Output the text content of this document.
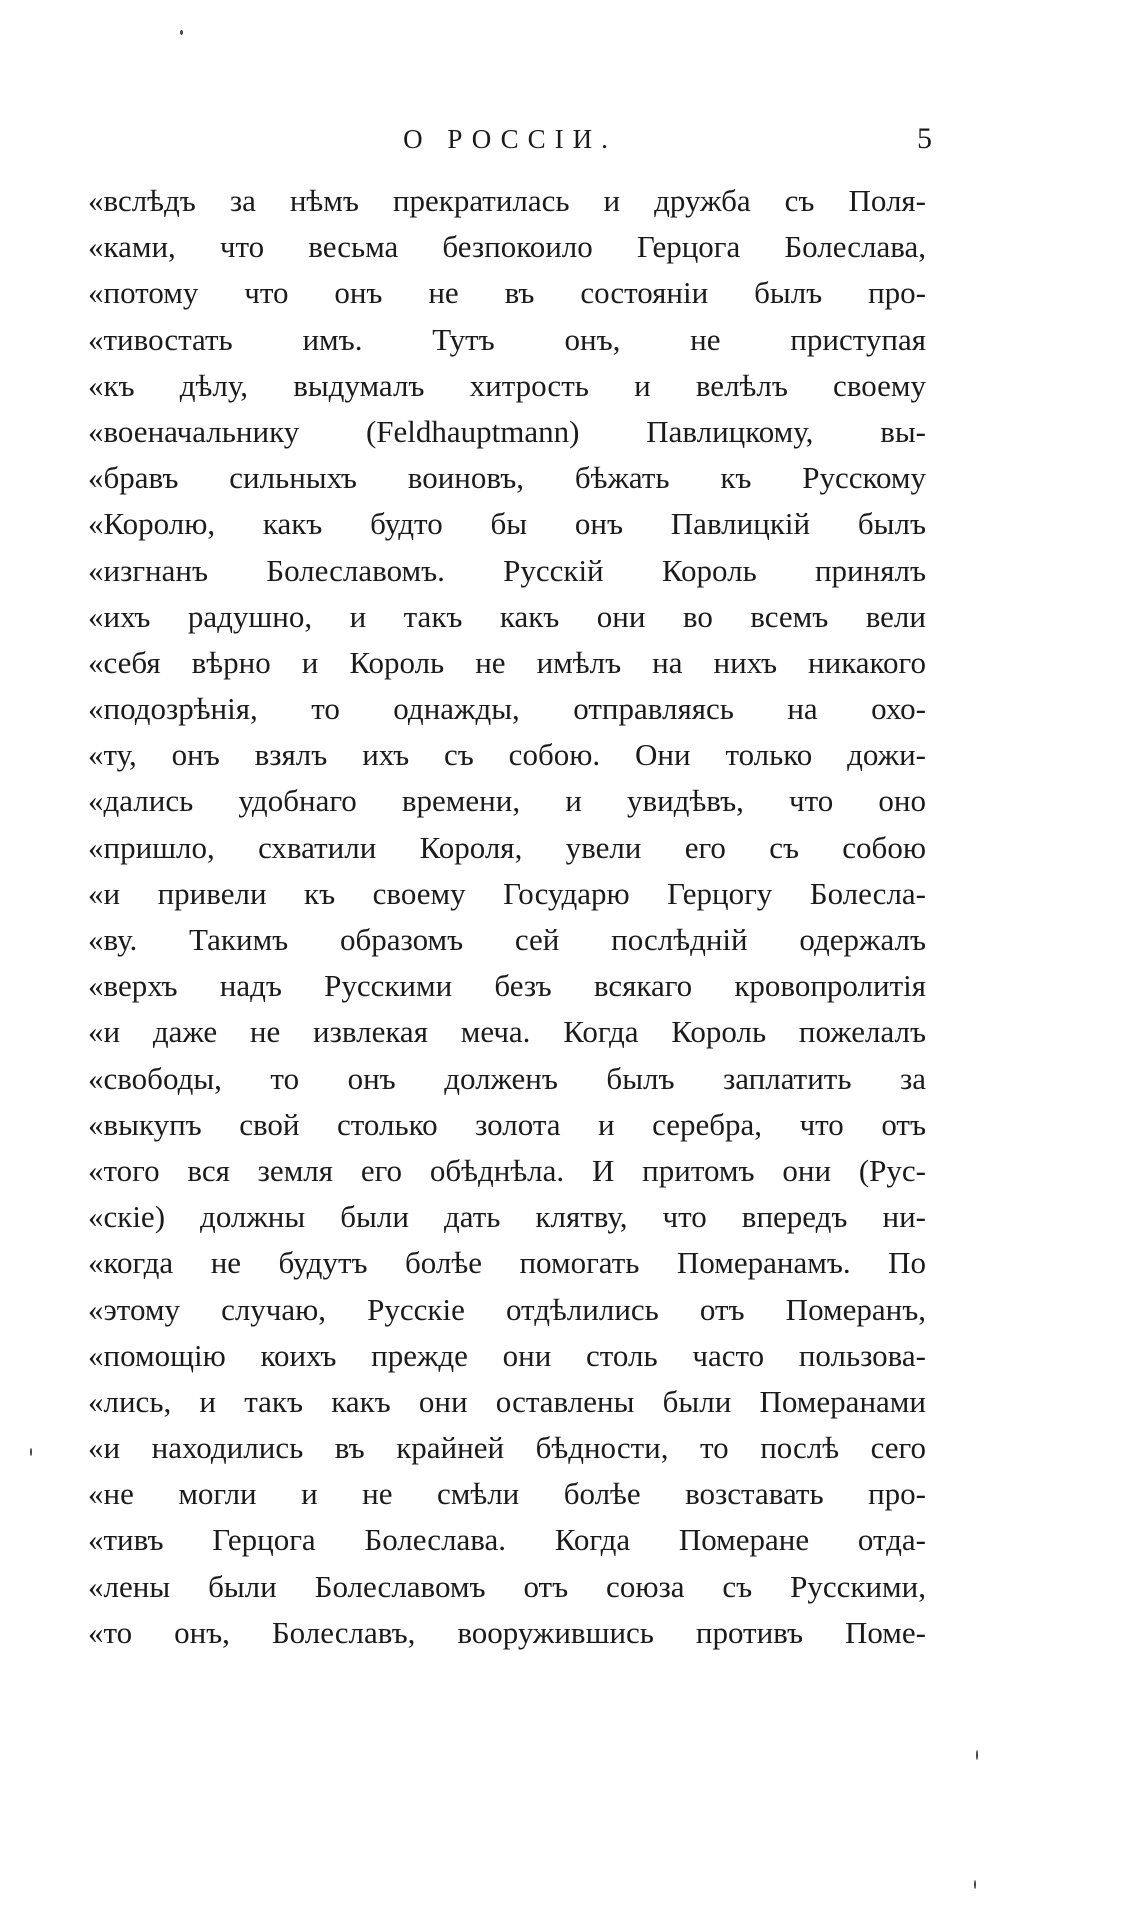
О РОССІИ.	5
«вслѣдъ за нѣмъ прекратилась и дружба съ Поля-
«ками, что весьма безпокоило Герцога Болеслава,
«потому что онъ не въ состояніи былъ про-
«тивостать имъ. Тутъ онъ, не приступая
«къ дѣлу, выдумалъ хитрость и велѣлъ своему
«военачальнику (Feldhauptmann) Павлицкому, вы-
«бравъ сильныхъ воиновъ, бѣжать къ Русскому
«Королю, какъ будто бы онъ Павлицкій былъ
«изгнанъ Болеславомъ. Русскій Король принялъ
«ихъ радушно, и такъ какъ они во всемъ вели
«себя вѣрно и Король не имѣлъ на нихъ никакого
«подозрѣнія, то однажды, отправляясь на охо-
«ту, онъ взялъ ихъ съ собою. Они только дожи-
«дались удобнаго времени, и увидѣвъ, что оно
«пришло, схватили Короля, увели его съ собою
«и привели къ своему Государю Герцогу Болесла-
«ву. Такимъ образомъ сей послѣдній одержалъ
«верхъ надъ Русскими безъ всякаго кровопролитія
«и даже не извлекая меча. Когда Король пожелалъ
«свободы, то онъ долженъ былъ заплатить за
«выкупъ свой столько золота и серебра, что отъ
«того вся земля его обѣднѣла. И притомъ они (Рус-
«скіе) должны были дать клятву, что впередъ ни-
«когда не будутъ болѣе помогать Померанамъ. По
«этому случаю, Русскіе отдѣлились отъ Померанъ,
«помощію коихъ прежде они столь часто пользова-
«лись, и такъ какъ они оставлены были Померанами
«и находились въ крайней бѣдности, то послѣ сего
«не могли и не смѣли болѣе возставать про-
«тивъ Герцога Болеслава. Когда Померане отда-
«лены были Болеславомъ отъ союза съ Русскими,
«то онъ, Болеславъ, вооружившись противъ Поме-
